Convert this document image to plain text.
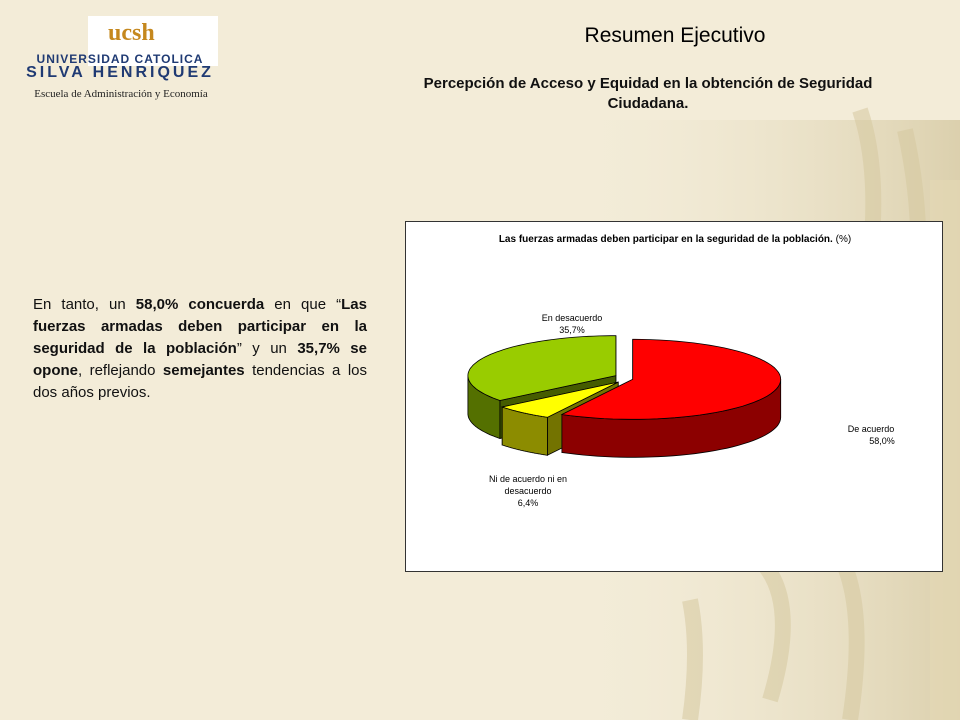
ucsh
UNIVERSIDAD CATOLICA
SILVA HENRIQUEZ
Escuela de Administración y Economía
Resumen Ejecutivo
Percepción de Acceso y Equidad en la obtención de Seguridad Ciudadana.
En tanto, un 58,0% concuerda en que “Las fuerzas armadas deben participar en la seguridad de la población” y un 35,7% se opone, reflejando semejantes tendencias a los dos años previos.
Las fuerzas armadas deben participar en la seguridad de la población. (%)
De acuerdo
58,0%
Ni de acuerdo ni en desacuerdo
6,4%
En desacuerdo
35,7%
